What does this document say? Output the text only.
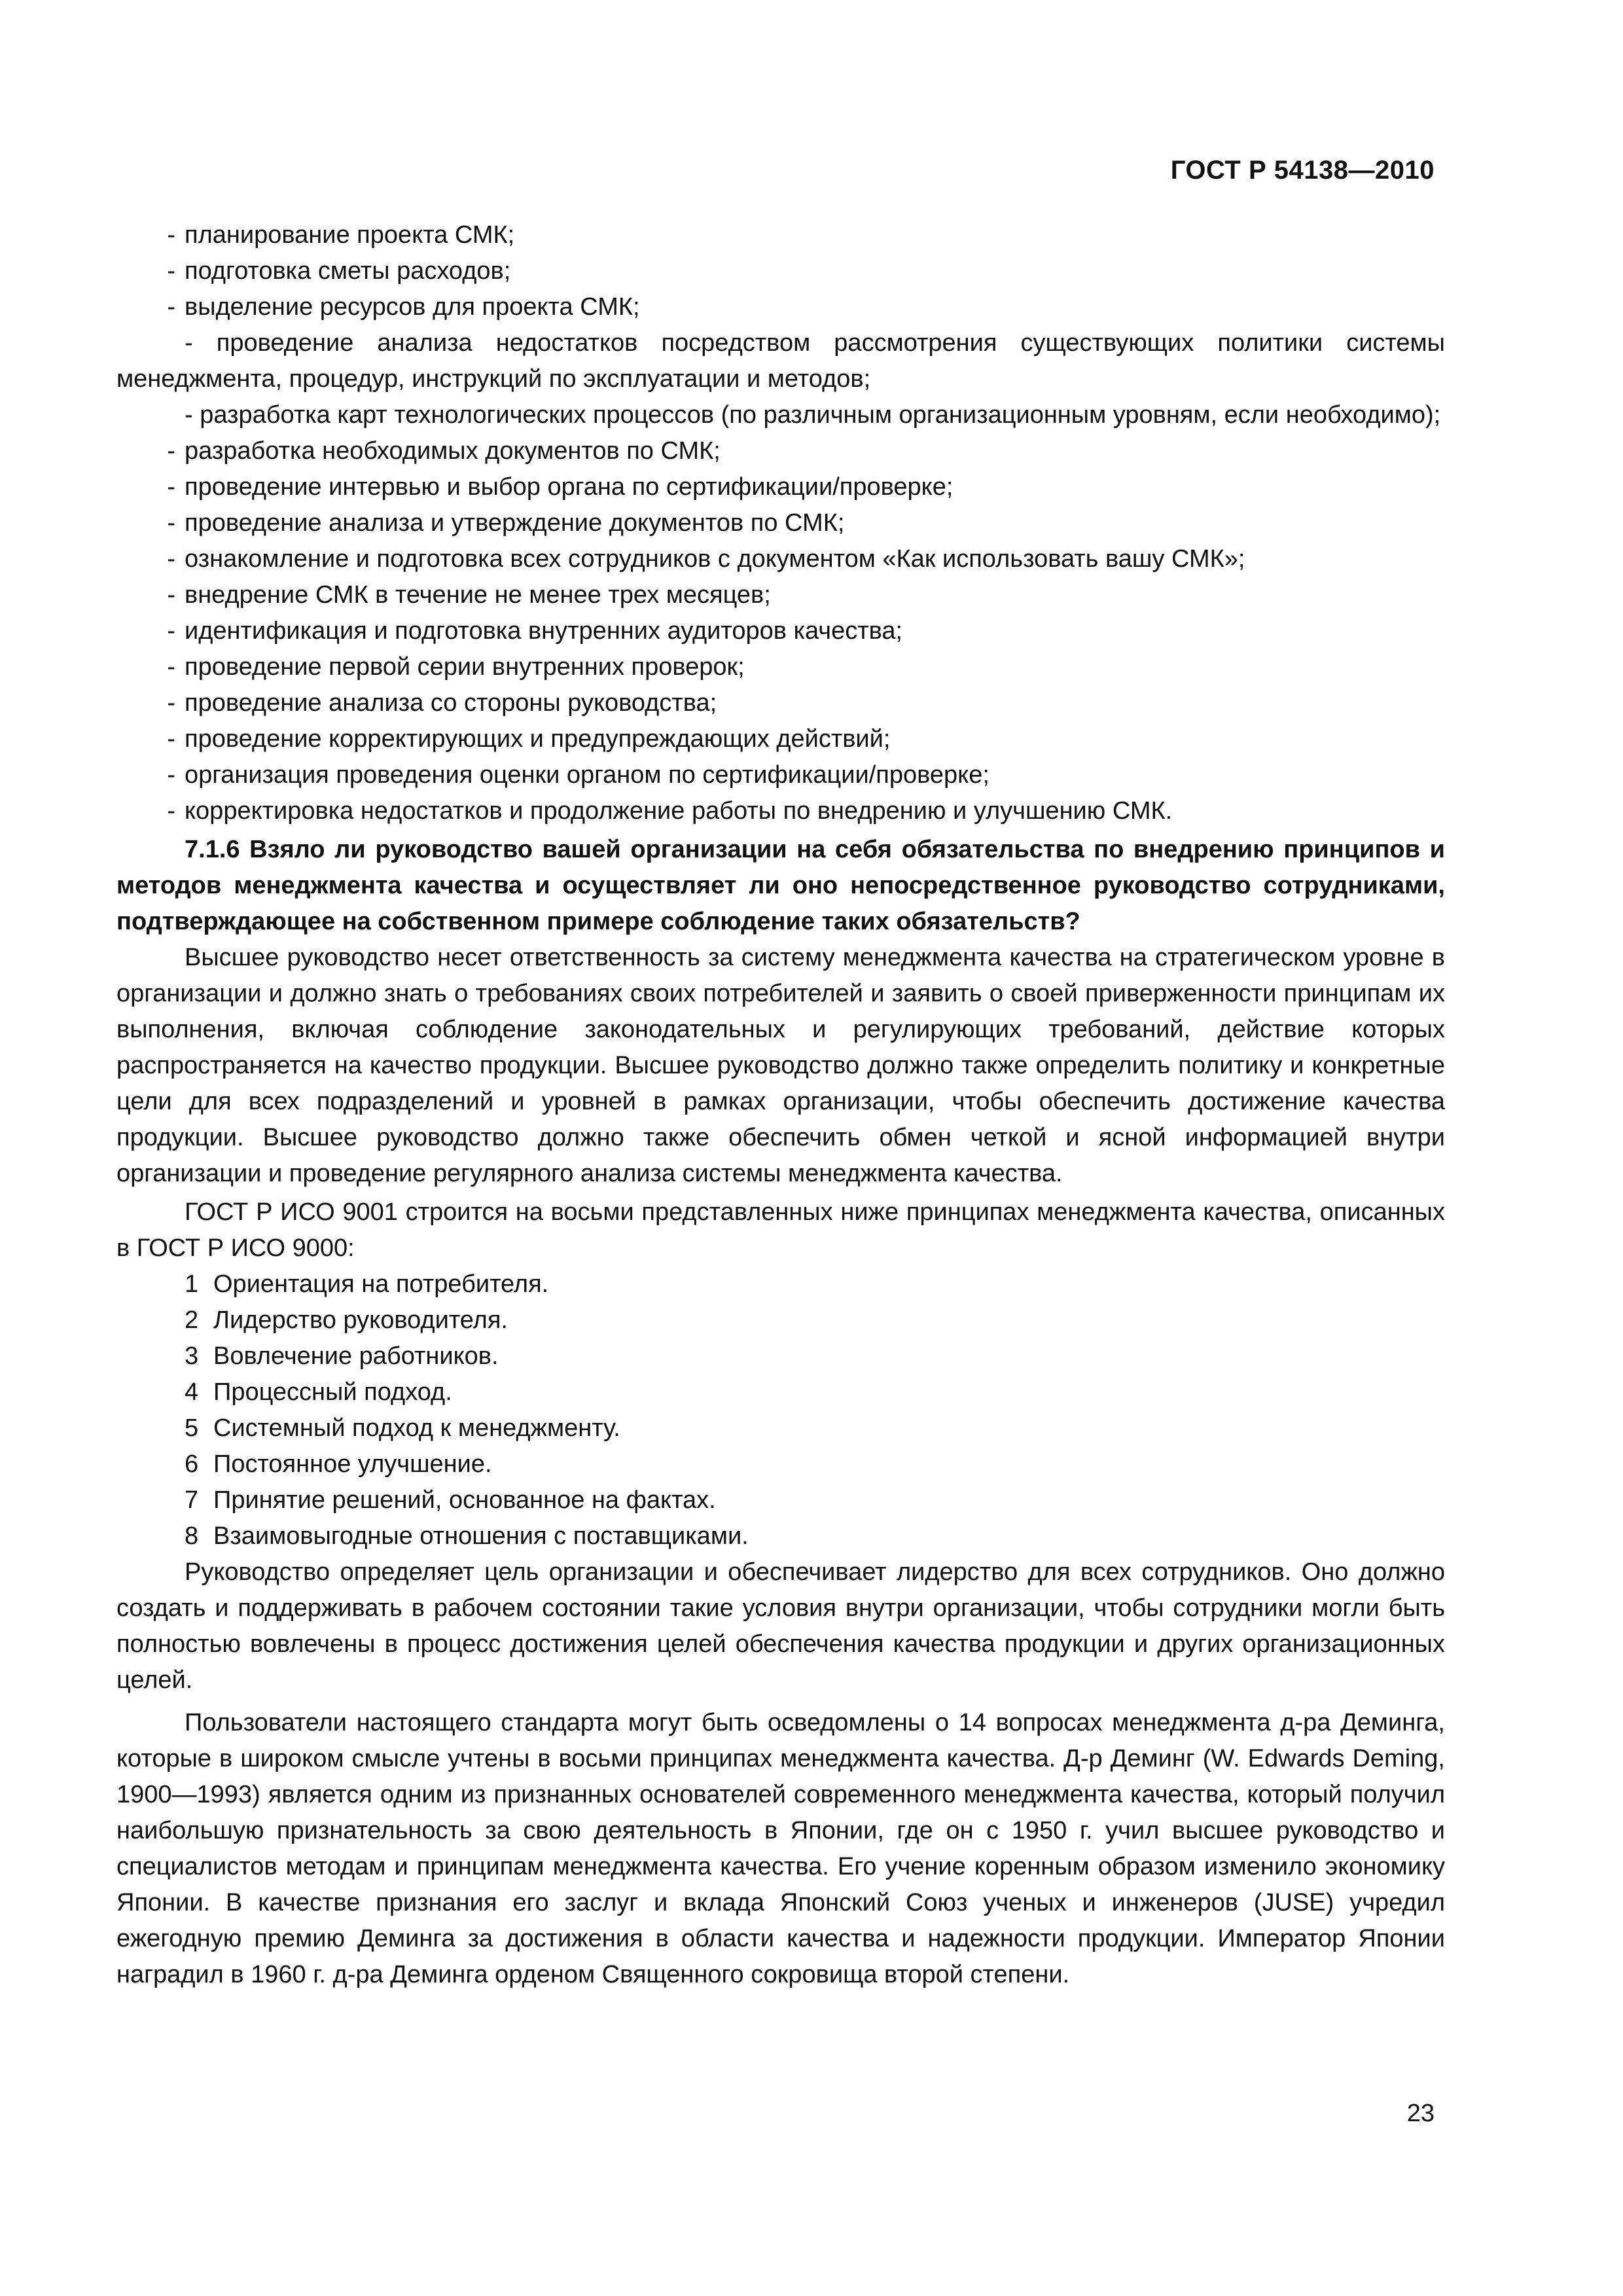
ГОСТ Р 54138—2010

- планирование проекта СМК;

- подготовка сметы расходов;

- выделение ресурсов для проекта СМК;

- проведение анализа недостатков посредством рассмотрения существующих политики системы менеджмента, процедур, инструкций по эксплуатации и методов;

- разработка карт технологических процессов (по различным организационным уровням, если необходимо);

- разработка необходимых документов по СМК;

- проведение интервью и выбор органа по сертификации/проверке;

- проведение анализа и утверждение документов по СМК;

- ознакомление и подготовка всех сотрудников с документом «Как использовать вашу СМК»;

- внедрение СМК в течение не менее трех месяцев;

- идентификация и подготовка внутренних аудиторов качества;

- проведение первой серии внутренних проверок;

- проведение анализа со стороны руководства;

- проведение корректирующих и предупреждающих действий;

- организация проведения оценки органом по сертификации/проверке;

- корректировка недостатков и продолжение работы по внедрению и улучшению СМК.

7.1.6 Взяло ли руководство вашей организации на себя обязательства по внедрению принципов и методов менеджмента качества и осуществляет ли оно непосредственное руководство сотрудниками, подтверждающее на собственном примере соблюдение таких обязательств?

Высшее руководство несет ответственность за систему менеджмента качества на стратегическом уровне в организации и должно знать о требованиях своих потребителей и заявить о своей приверженности принципам их выполнения, включая соблюдение законодательных и регулирующих требований, действие которых распространяется на качество продукции. Высшее руководство должно также определить политику и конкретные цели для всех подразделений и уровней в рамках организации, чтобы обеспечить достижение качества продукции. Высшее руководство должно также обеспечить обмен четкой и ясной информацией внутри организации и проведение регулярного анализа системы менеджмента качества.

ГОСТ Р ИСО 9001 строится на восьми представленных ниже принципах менеджмента качества, описанных в ГОСТ Р ИСО 9000:

1 Ориентация на потребителя.

2 Лидерство руководителя.

3 Вовлечение работников.

4 Процессный подход.

5 Системный подход к менеджменту.

6 Постоянное улучшение.

7 Принятие решений, основанное на фактах.

8 Взаимовыгодные отношения с поставщиками.

Руководство определяет цель организации и обеспечивает лидерство для всех сотрудников. Оно должно создать и поддерживать в рабочем состоянии такие условия внутри организации, чтобы сотрудники могли быть полностью вовлечены в процесс достижения целей обеспечения качества продукции и других организационных целей.

Пользователи настоящего стандарта могут быть осведомлены о 14 вопросах менеджмента д-ра Деминга, которые в широком смысле учтены в восьми принципах менеджмента качества. Д-р Деминг (W. Edwards Deming, 1900—1993) является одним из признанных основателей современного менеджмента качества, который получил наибольшую признательность за свою деятельность в Японии, где он с 1950 г. учил высшее руководство и специалистов методам и принципам менеджмента качества. Его учение коренным образом изменило экономику Японии. В качестве признания его заслуг и вклада Японский Союз ученых и инженеров (JUSE) учредил ежегодную премию Деминга за достижения в области качества и надежности продукции. Император Японии наградил в 1960 г. д-ра Деминга орденом Священного сокровища второй степени.

23
